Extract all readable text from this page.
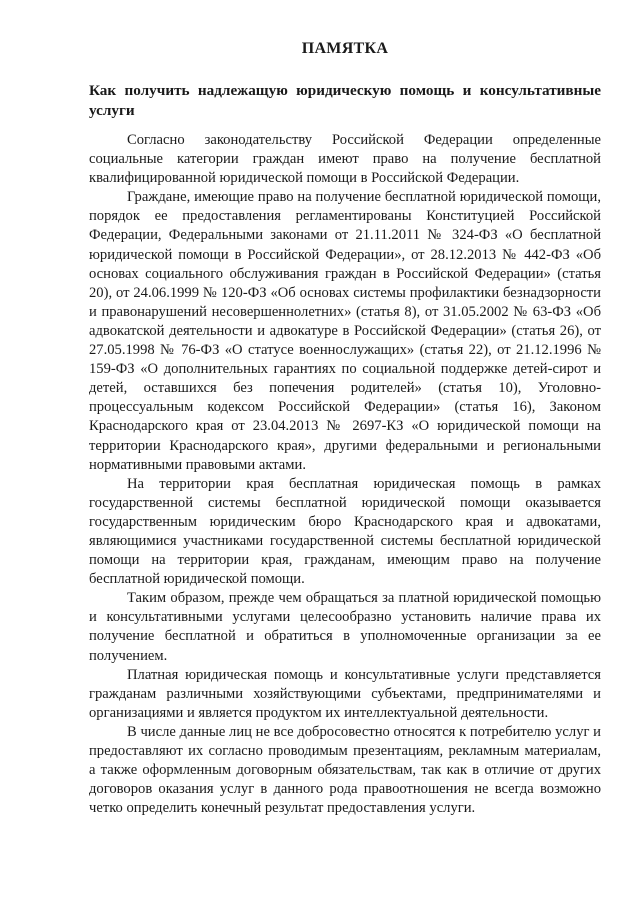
ПАМЯТКА
Как получить надлежащую юридическую помощь и консультативные услуги

Согласно законодательству Российской Федерации определенные социальные категории граждан имеют право на получение бесплатной квалифицированной юридической помощи в Российской Федерации.

Граждане, имеющие право на получение бесплатной юридической помощи, порядок ее предоставления регламентированы Конституцией Российской Федерации, Федеральными законами от 21.11.2011 № 324-ФЗ «О бесплатной юридической помощи в Российской Федерации», от 28.12.2013 № 442-ФЗ «Об основах социального обслуживания граждан в Российской Федерации» (статья 20), от 24.06.1999 № 120-ФЗ «Об основах системы профилактики безнадзорности и правонарушений несовершеннолетних» (статья 8), от 31.05.2002 № 63-ФЗ «Об адвокатской деятельности и адвокатуре в Российской Федерации» (статья 26), от 27.05.1998 № 76-ФЗ «О статусе военнослужащих» (статья 22), от 21.12.1996 № 159-ФЗ «О дополнительных гарантиях по социальной поддержке детей-сирот и детей, оставшихся без попечения родителей» (статья 10), Уголовно-процессуальным кодексом Российской Федерации» (статья 16), Законом Краснодарского края от 23.04.2013 № 2697-КЗ «О юридической помощи на территории Краснодарского края», другими федеральными и региональными нормативными правовыми актами.

На территории края бесплатная юридическая помощь в рамках государственной системы бесплатной юридической помощи оказывается государственным юридическим бюро Краснодарского края и адвокатами, являющимися участниками государственной системы бесплатной юридической помощи на территории края, гражданам, имеющим право на получение бесплатной юридической помощи.

Таким образом, прежде чем обращаться за платной юридической помощью и консультативными услугами целесообразно установить наличие права их получение бесплатной и обратиться в уполномоченные организации за ее получением.

Платная юридическая помощь и консультативные услуги представляется гражданам различными хозяйствующими субъектами, предпринимателями и организациями и является продуктом их интеллектуальной деятельности.

В числе данные лиц не все добросовестно относятся к потребителю услуг и предоставляют их согласно проводимым презентациям, рекламным материалам, а также оформленным договорным обязательствам, так как в отличие от других договоров оказания услуг в данного рода правоотношения не всегда возможно четко определить конечный результат предоставления услуги.
